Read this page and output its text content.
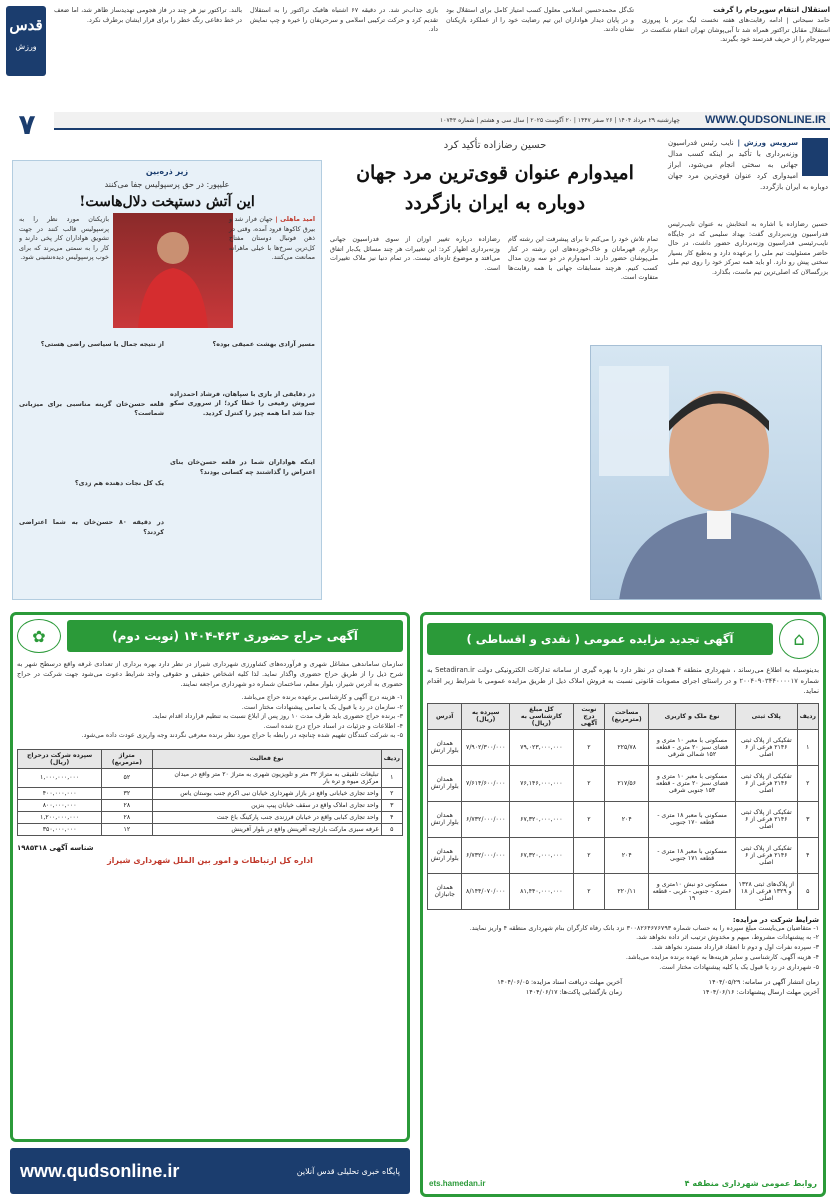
قدس
ورزش
۷
استقلال انتقام سوپرجام را گرفت
حامد سبحانی | ادامه رقابت‌های هفته نخست لیگ برتر با پیروزی استقلال مقابل تراکتور همراه شد تا آبی‌پوشان تهران انتقام شکست در سوپرجام را از حریف قدرتمند خود بگیرند.
تک‌گل محمدحسین اسلامی معلول کسب امتیاز کامل برای استقلال بود و در پایان دیدار هواداران این تیم رضایت خود را از عملکرد بازیکنان نشان دادند.
بازی جذاب‌تر شد. در دقیقه ۶۷ اشتباه هافبک تراکتور را به استقلال تقدیم کرد و حرکت ترکیبی اسلامی و سرحریفان را خیره و چپ نمایش داد.
بالند. تراکتور نیز هر چند در فاز هجومی تهدیدساز ظاهر شد، اما ضعف در خط دفاعی رنگ خطر را برای فرار ایشان برطرف نکرد.
WWW.QUDSONLINE.IR
چهارشنبه ۲۹ مرداد ۱۴۰۴ | ۲۶ صفر ۱۴۴۷ | ۲۰ آگوست ۲۰۲۵ | سال سی و هشتم | شماره ۱۰۷۴۳
حسین رضازاده تأکید کرد
امیدوارم عنوان قوی‌ترین مرد جهان
دوباره به ایران بازگردد
سرویس ورزش | نایب رئیس فدراسیون وزنه‌برداری با تأکید بر اینکه کسب مدال جهانی به سختی انجام می‌شود، ابراز امیدواری کرد عنوان قوی‌ترین مرد جهان دوباره به ایران بازگردد.
حسین رضازاده با اشاره به انتخابش به عنوان نایب‌رئیس فدراسیون وزنه‌برداری گفت: بهداد سلیمی که در جایگاه نایب‌رئیسی فدراسیون وزنه‌برداری حضور داشت، در حال حاضر مسئولیت تیم ملی را برعهده دارد و به‌طبع کار بسیار سختی پیش رو دارد. او باید همه تمرکز خود را روی تیم ملی بزرگسالان که اصلی‌ترین تیم ماست، بگذارد.
تمام تلاش خود را می‌کنم تا برای پیشرفت این رشته گام بردارم. قهرمانان و خاک‌خورده‌های این رشته در کنار ملی‌پوشان حضور دارند. امیدوارم در دو سه وزن مدال کسب کنیم. هرچند مسابقات جهانی با همه رقابت‌ها متفاوت است.
رضازاده درباره تغییر اوزان از سوی فدراسیون جهانی وزنه‌برداری اظهار کرد: این تغییرات هر چند مسائل یک‌بار اتفاق می‌افتد و موضوع تازه‌ای نیست. در تمام دنیا نیز ملاک تغییرات است.
زیر ذره‌بین
علیپور: در حق پرسپولیس جفا می‌کنند
این آتش دستپخت دلال‌هاست!
امید ماهلی | جهان فرار شد و بیرق کاکوها فرود آمده، وقتی در ذهن فوتبال دوستان مفتاح کل‌ترین سرخ‌ها با خیلی ماهرانه ممانعت می‌کنند.
بازیکنان مورد نظر را به پرسپولیس قالب کنند در جهت تشویق هواداران کار پخی دارند و کار را به سمتی می‌برند که برای خوب پرسپولیس دیده‌نشینی شود.
مسیر آزادی بهشت عمیقی بوده؟
در دقایقی از بازی با سپاهان، فرشاد احمدزاده سروش رفیعی را خطا کرد؛ از سروری سکو جدا شد اما همه ‌چیز را کنترل کردید.
اینکه هواداران شما در قلعه حسن‌خان بنای اعتراض را گذاشتند چه کسانی بودند؟
از نتیجه‌ جمال یا سیاسی راضی هستی؟
قلعه حسن‌خان گزینه مناسبی برای میزبانی شماست؟
یک کل نجات دهنده هم زدی؟
در دقیقه ۸۰ حسن‌خان به شما اعتراضی کردند؟
آگهی حراج حضوری ۴۶۳-۱۴۰۴ (نوبت دوم)
✿
سازمان ساماندهی مشاغل شهری و فرآورده‌های کشاورزی شهرداری شیراز در نظر دارد بهره برداری از تعدادی غرفه واقع درسطح شهر به شرح ذیل را از طریق حراج حضوری واگذار نماید. لذا کلیه اشخاص حقیقی و حقوقی واجد شرایط دعوت می‌شود جهت شرکت در حراج حضوری به آدرس شیراز، بلوار معلم، ساختمان شماره دو شهرداری مراجعه نمایند.
۱- هزینه درج آگهی و کارشناسی برعهده برنده حراج می‌باشد.
۲- سازمان در رد یا قبول یک یا تمامی پیشنهادات مختار است.
۳- برنده حراج حضوری باید ظرف مدت ۱۰ روز پس از ابلاغ نسبت به تنظیم قرارداد اقدام نماید.
۴- اطلاعات و جزئیات در اسناد حراج درج شده است.
۵- به شرکت کنندگان تفهیم شده چنانچه در رابطه با حراج مورد نظر برنده معرفی نگردند وجه واریزی عودت داده می‌شود.
ردیف	نوع فعالیت	متراژ (مترمربع)	سپرده شرکت درحراج (ریال)
۱	تبلیغات تلفیقی به متراژ ۳۲ متر و تلویزیون شهری به متراژ ۲۰ متر واقع در میدان مرکزی میوه و تره بار	۵۲	۱,۰۰۰,۰۰۰,۰۰۰
۲	واحد تجاری خیابانی واقع در بازار شهرداری خیابان نبی اکرم جنب بوستان یاس	۳۲	۴۰۰,۰۰۰,۰۰۰
۳	واحد تجاری املاک واقع در سقف خیابان پیپ بنزین	۲۸	۸۰۰,۰۰۰,۰۰۰
۴	واحد تجاری کبابی واقع در خیابان فرزندی جنب پارکینگ باغ جنت	۲۸	۱,۲۰۰,۰۰۰,۰۰۰
۵	غرفه سبزی مارکت بازارچه آفرینش واقع در بلوار آفرینش	۱۲	۳۵۰,۰۰۰,۰۰۰
شناسه آگهی ۱۹۸۵۳۱۸
اداره کل ارتباطات و امور بین الملل شهرداری شیراز
پایگاه خبری تحلیلی قدس آنلاین
www.qudsonline.ir
⌂
آگهی تجدید مزایده عمومی ( نقدی و اقساطی )
بدینوسیله به اطلاع می‌رساند ، شهرداری منطقه ۴ همدان در نظر دارد با بهره گیری از سامانه تدارکات الکترونیکی دولت Setadiran.ir به شماره ۲۰۰۴۰۹۰۳۴۴۰۰۰۰۱۷ و در راستای اجرای مصوبات قانونی نسبت به فروش املاک ذیل از طریق مزایده عمومی با شرایط زیر اقدام نماید.
ردیف	پلاک ثبتی	نوع ملک و کاربری	مساحت (مترمربع)	نوبت درج آگهی	کل مبلغ کارشناسی به (ریال)	سپرده به (ریال)	آدرس
۱	تفکیکی از پلاک ثبتی ۲۱۴۶ فرعی از ۶ اصلی	مسکونی با معبر ۱۰ متری و فضای سبز ۲۰ متری - قطعه ۱۵۲ شمالی شرقی	۲۲۵/۷۸	۲	۷۹,۰۲۳,۰۰۰,۰۰۰	۷/۹۰۲/۳۰۰/۰۰۰	همدان بلوار ارتش
۲	تفکیکی از پلاک ثبتی ۲۱۴۶ فرعی از ۶ اصلی	مسکونی با معبر ۱۰ متری و فضای سبز ۲۰ متری - قطعه ۱۵۳ جنوبی شرقی	۲۱۷/۵۶	۲	۷۶,۱۴۶,۰۰۰,۰۰۰	۷/۶۱۴/۶۰۰/۰۰۰	همدان بلوار ارتش
۳	تفکیکی از پلاک ثبتی ۲۱۴۶ فرعی از ۶ اصلی	مسکونی با معبر ۱۸ متری - قطعه ۱۷۰ جنوبی	۲۰۴	۲	۶۷,۳۲۰,۰۰۰,۰۰۰	۶/۷۳۲/۰۰۰/۰۰۰	همدان بلوار ارتش
۴	تفکیکی از پلاک ثبتی ۲۱۴۶ فرعی از ۶ اصلی	مسکونی با معبر ۱۸ متری - قطعه ۱۷۱ جنوبی	۲۰۴	۲	۶۷,۳۲۰,۰۰۰,۰۰۰	۶/۷۳۲/۰۰۰/۰۰۰	همدان بلوار ارتش
۵	از پلاک‌های ثبتی ۱۳۲۸ و ۱۳۲۹ فرعی از ۱۸ اصلی	مسکونی دو نبش ۱۰متری و ۶متری - جنوبی - غربی - قطعه ۱۹	۲۲۰/۱۱	۲	۸۱,۴۴۰,۰۰۰,۰۰۰	۸/۱۴۴/۰۷۰/۰۰۰	همدان جانبازان
شرایط شرکت در مزایده:
۱- متقاضیان می‌بایست مبلغ سپرده را به حساب شماره ۳۰۰۸۲۶۴۶۷۶۷۹۳ نزد بانک رفاه کارگران بنام شهرداری منطقه ۴ واریز نمایند.
۲- به پیشنهادات مشروط، مبهم و مخدوش ترتیب اثر داده نخواهد شد.
۳- سپرده نفرات اول و دوم تا انعقاد قرارداد مسترد نخواهد شد.
۴- هزینه آگهی، کارشناسی و سایر هزینه‌ها به عهده برنده مزایده می‌باشد.
۵- شهرداری در رد یا قبول یک یا کلیه پیشنهادات مختار است.
زمان انتشار آگهی در سامانه: ۱۴۰۴/۰۵/۲۹
آخرین مهلت دریافت اسناد مزایده: ۱۴۰۴/۰۶/۰۵
آخرین مهلت ارسال پیشنهادات: ۱۴۰۴/۰۶/۱۶
زمان بازگشایی پاکت‌ها: ۱۴۰۴/۰۶/۱۷
روابط عمومی شهرداری منطقه ۴
ets.hamedan.ir
